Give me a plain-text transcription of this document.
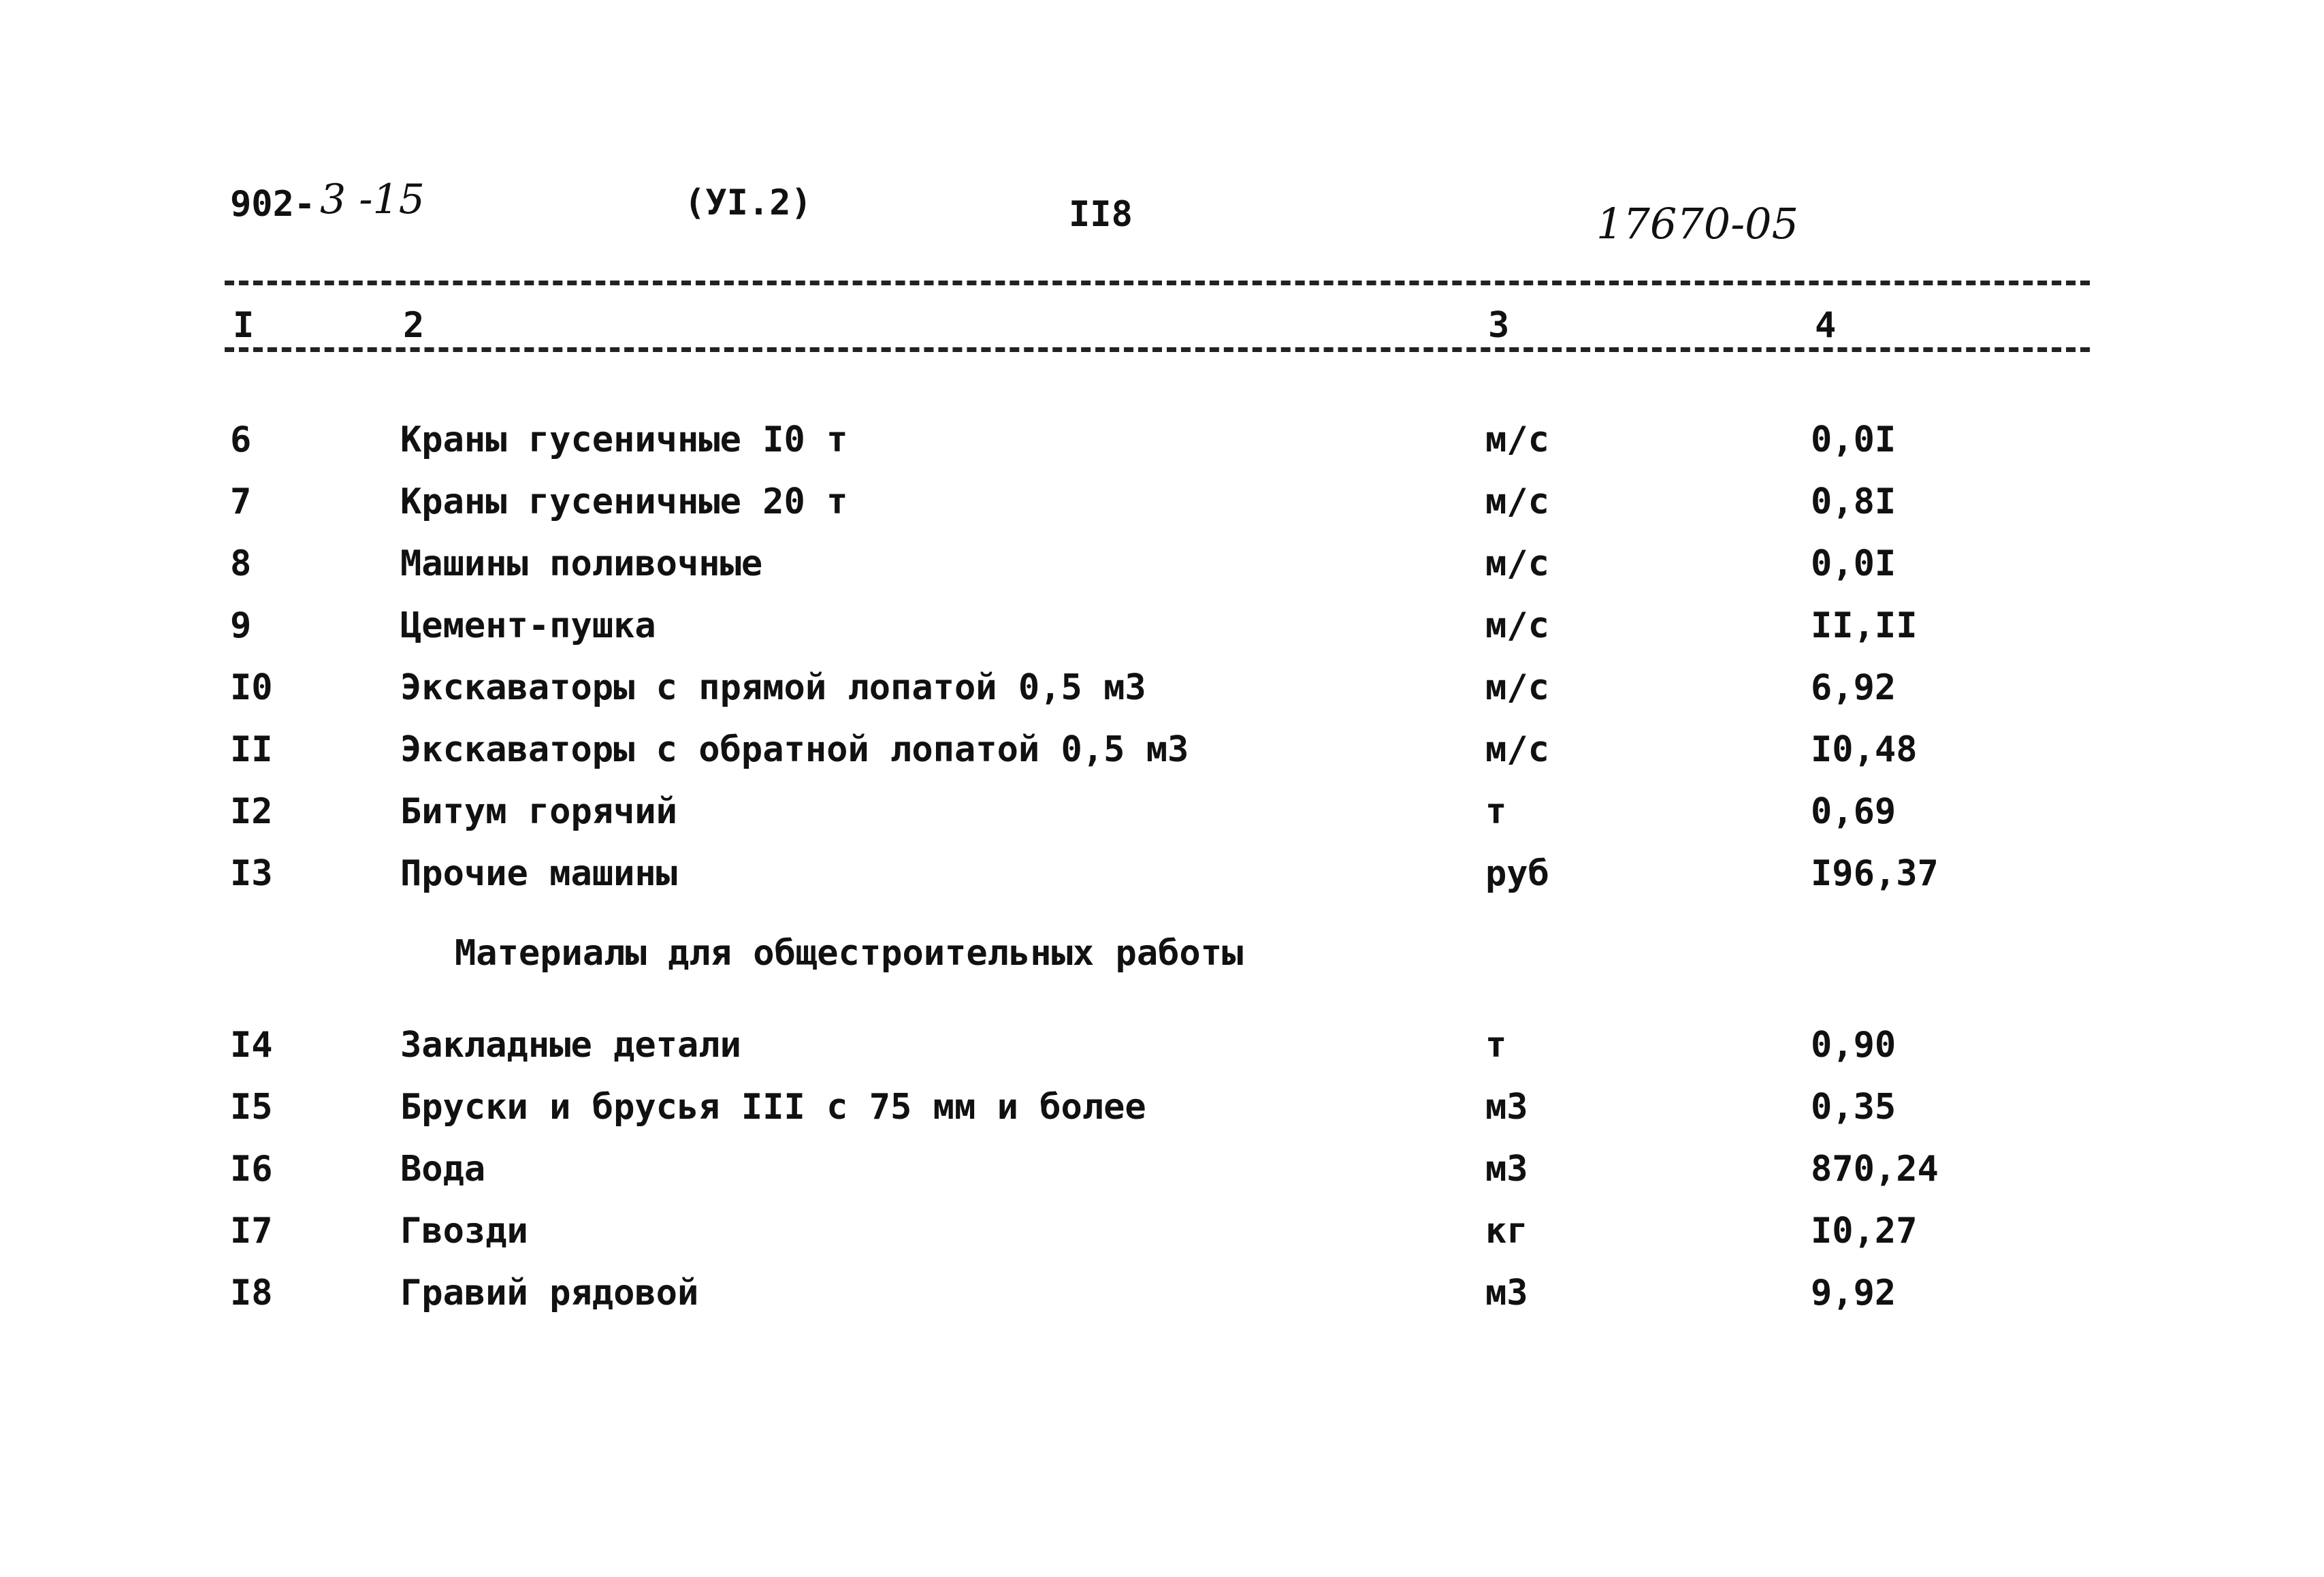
902- 3 -15	(УI.2)	II8	17670-05
I	2	3	4
6	Краны гусеничные I0 т	м/с	0,0I
7	Краны гусеничные 20 т	м/с	0,8I
8	Машины поливочные	м/с	0,0I
9	Цемент-пушка	м/с	II,II
I0	Экскаваторы с прямой лопатой 0,5 м3	м/с	6,92
II	Экскаваторы с обратной лопатой 0,5 м3	м/с	I0,48
I2	Битум горячий	т	0,69
I3	Прочие машины	руб	I96,37
Материалы для общестроительных работы
I4	Закладные детали	т	0,90
I5	Бруски и брусья III с 75 мм и более	м3	0,35
I6	Вода	м3	870,24
I7	Гвозди	кг	I0,27
I8	Гравий рядовой	м3	9,92
